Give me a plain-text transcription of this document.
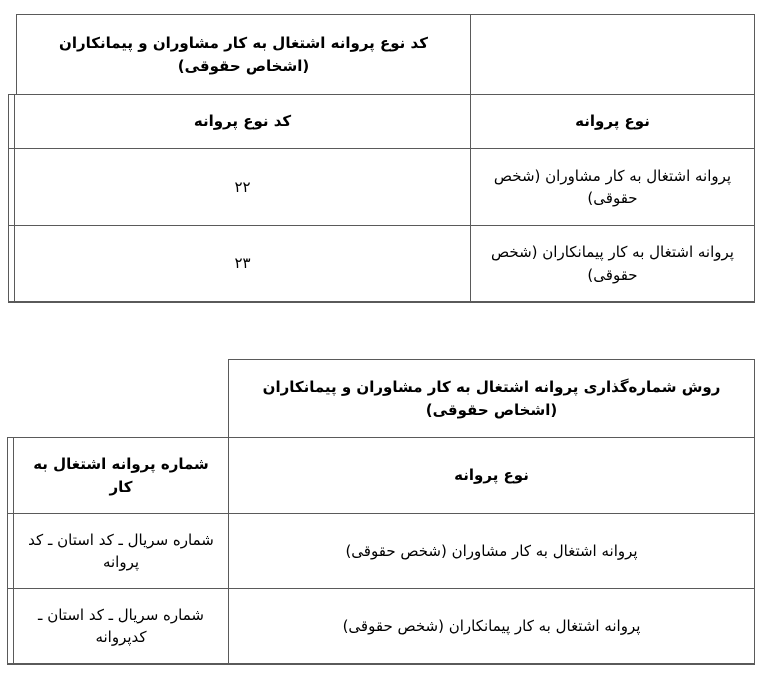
کد نوع پروانه اشتغال به کار مشاوران و پیمانکاران (اشخاص حقوقی)
کد نوع پروانه	نوع پروانه
۲۲
پروانه اشتغال به کار مشاوران (شخص حقوقی)
۲۳
پروانه اشتغال به کار پیمانکاران (شخص حقوقی)
روش شماره‌گذاری پروانه اشتغال به کار مشاوران و پیمانکاران (اشخاص حقوقی)
شماره پروانه اشتغال به کار
نوع پروانه
شماره سریال ـ کد استان ـ کد پروانه
پروانه اشتغال به کار مشاوران (شخص حقوقی)
شماره سریال ـ کد استان ـ کدپروانه
پروانه اشتغال به کار پیمانکاران (شخص حقوقی)
